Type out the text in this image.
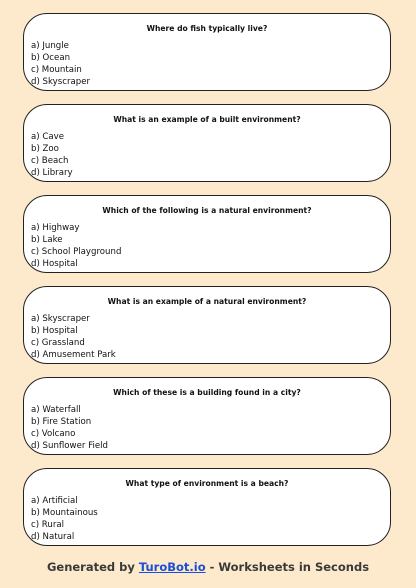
Where do fish typically live?
a) Jungle
b) Ocean
c) Mountain
d) Skyscraper
What is an example of a built environment?
a) Cave
b) Zoo
c) Beach
d) Library
Which of the following is a natural environment?
a) Highway
b) Lake
c) School Playground
d) Hospital
What is an example of a natural environment?
a) Skyscraper
b) Hospital
c) Grassland
d) Amusement Park
Which of these is a building found in a city?
a) Waterfall
b) Fire Station
c) Volcano
d) Sunflower Field
What type of environment is a beach?
a) Artificial
b) Mountainous
c) Rural
d) Natural
Generated by TuroBot.io - Worksheets in Seconds
